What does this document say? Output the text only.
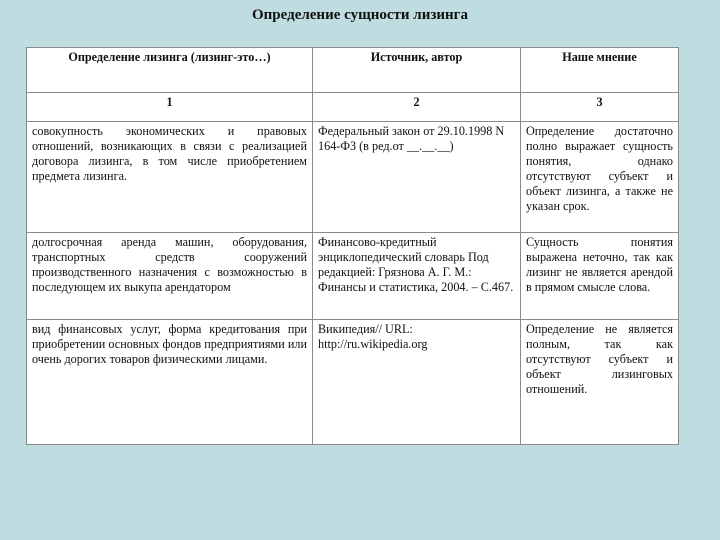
Определение сущности лизинга
Определение лизинга (лизинг-это…)	Источник, автор	Наше мнение
1	2	3
совокупность экономических и правовых отношений, возникающих в связи с реализацией договора лизинга, в том числе приобретением предмета лизинга.	Федеральный закон от 29.10.1998 N 164-ФЗ (в ред.от __.__.__)	Определение достаточно полно выражает сущность понятия, однако отсутствуют субъект и объект лизинга, а также не указан срок.
долгосрочная аренда машин, оборудования, транспортных средств сооружений производственного назначения с возможностью в последующем их выкупа арендатором	Финансово-кредитный энциклопедический словарь Под редакцией: Грязнова А. Г. М.: Финансы и статистика, 2004. – С.467.	Сущность понятия выражена неточно, так как лизинг не является арендой в прямом смысле слова.
вид финансовых услуг, форма кредитования при приобретении основных фондов предприятиями или очень дорогих товаров физическими лицами.	Википедия// URL: http://ru.wikipedia.org	Определение не является полным, так как отсутствуют субъект и объект лизинговых отношений.
